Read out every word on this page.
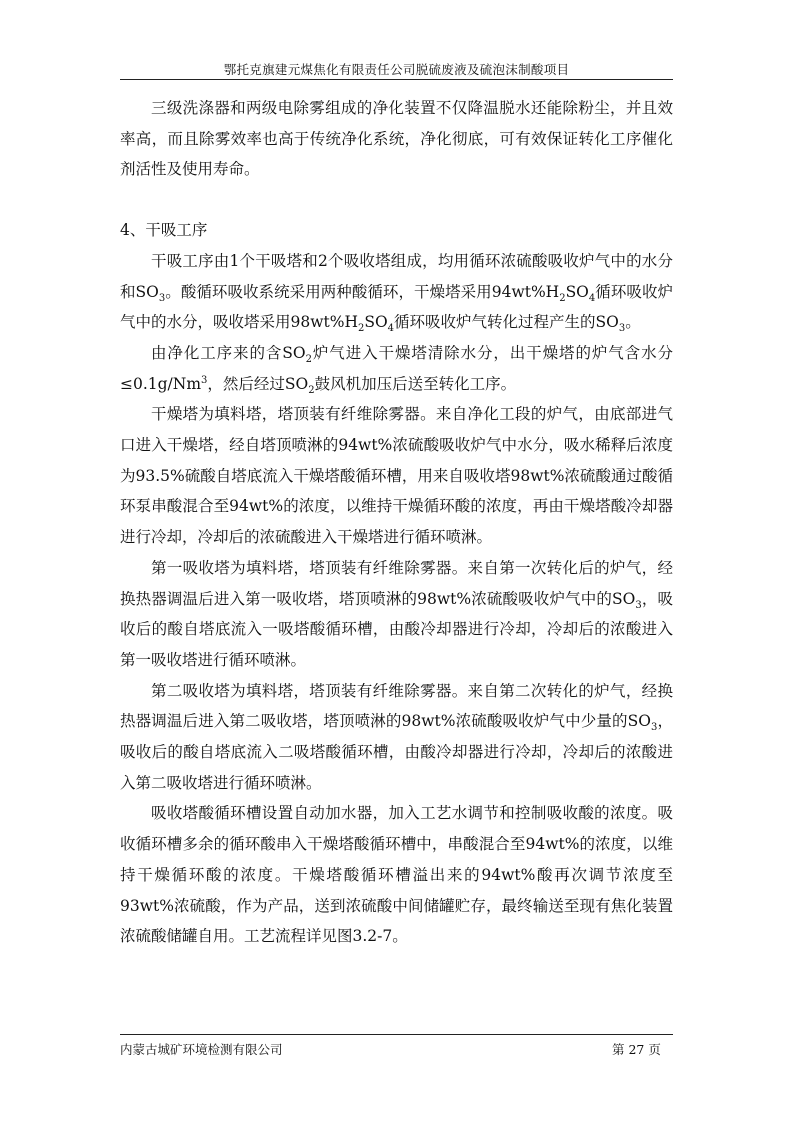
鄂托克旗建元煤焦化有限责任公司脱硫废液及硫泡沫制酸项目

三级洗涤器和两级电除雾组成的净化装置不仅降温脱水还能除粉尘，并且效率高，而且除雾效率也高于传统净化系统，净化彻底，可有效保证转化工序催化剂活性及使用寿命。

4、干吸工序

干吸工序由1个干吸塔和2个吸收塔组成，均用循环浓硫酸吸收炉气中的水分和$SO_3$。酸循环吸收系统采用两种酸循环，干燥塔采用$94wt\%H_2SO_4$循环吸收炉气中的水分，吸收塔采用$98wt\%H_2SO_4$循环吸收炉气转化过程产生的$SO_3$。

由净化工序来的含$SO_2$炉气进入干燥塔清除水分，出干燥塔的炉气含水分$\le 0.1g/Nm^3$，然后经过$SO_2$鼓风机加压后送至转化工序。

干燥塔为填料塔，塔顶装有纤维除雾器。来自净化工段的炉气，由底部进气口进入干燥塔，经自塔顶喷淋的94wt%浓硫酸吸收炉气中水分，吸水稀释后浓度为93.5%硫酸自塔底流入干燥塔酸循环槽，用来自吸收塔98wt%浓硫酸通过酸循环泵串酸混合至94wt%的浓度，以维持干燥循环酸的浓度，再由干燥塔酸冷却器进行冷却，冷却后的浓硫酸进入干燥塔进行循环喷淋。

第一吸收塔为填料塔，塔顶装有纤维除雾器。来自第一次转化后的炉气，经换热器调温后进入第一吸收塔，塔顶喷淋的98wt%浓硫酸吸收炉气中的$SO_3$，吸收后的酸自塔底流入一吸塔酸循环槽，由酸冷却器进行冷却，冷却后的浓酸进入第一吸收塔进行循环喷淋。

第二吸收塔为填料塔，塔顶装有纤维除雾器。来自第二次转化的炉气，经换热器调温后进入第二吸收塔，塔顶喷淋的98wt%浓硫酸吸收炉气中少量的$SO_3$，吸收后的酸自塔底流入二吸塔酸循环槽，由酸冷却器进行冷却，冷却后的浓酸进入第二吸收塔进行循环喷淋。

吸收塔酸循环槽设置自动加水器，加入工艺水调节和控制吸收酸的浓度。吸收循环槽多余的循环酸串入干燥塔酸循环槽中，串酸混合至94wt%的浓度，以维持干燥循环酸的浓度。干燥塔酸循环槽溢出来的94wt%酸再次调节浓度至93wt%浓硫酸，作为产品，送到浓硫酸中间储罐贮存，最终输送至现有焦化装置浓硫酸储罐自用。工艺流程详见图3.2-7。

内蒙古城矿环境检测有限公司	第 27 页
